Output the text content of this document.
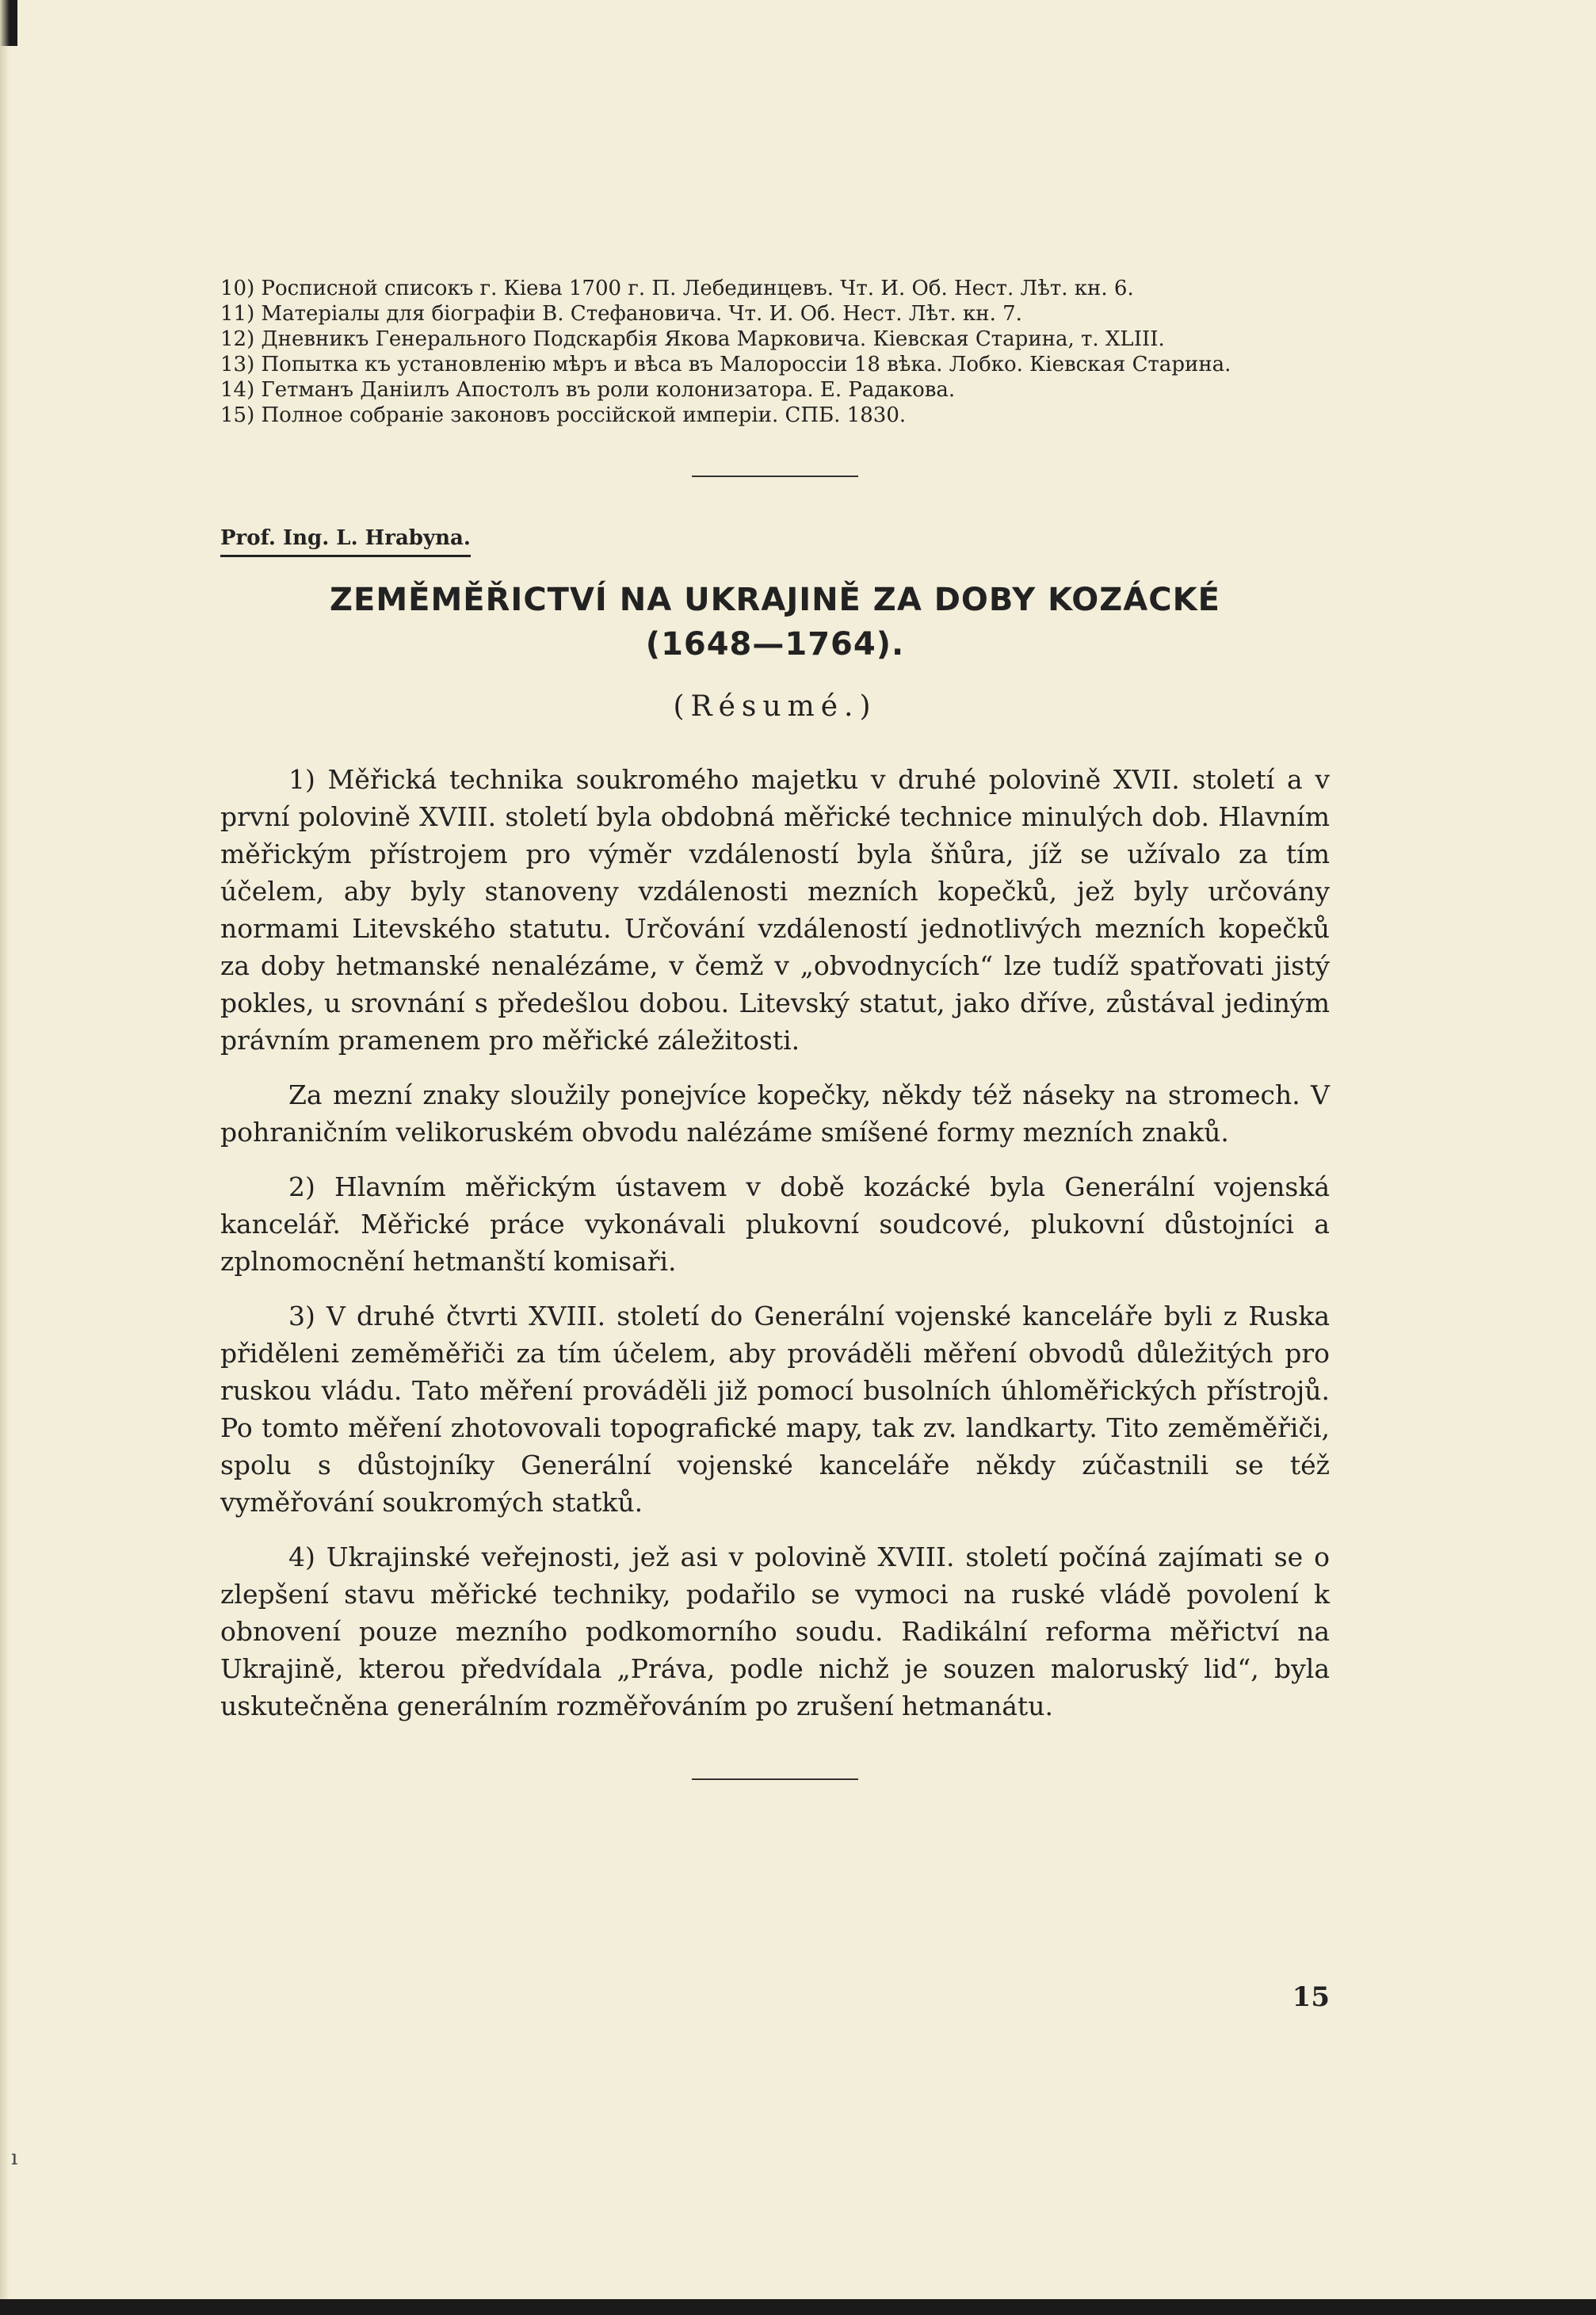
10) Росписной списокъ г. Кіева 1700 г. П. Лебединцевъ. Чт. И. Об. Нест. Лѣт. кн. 6.
11) Матеріалы для біографіи В. Стефановича. Чт. И. Об. Нест. Лѣт. кн. 7.
12) Дневникъ Генерального Подскарбія Якова Марковича. Кіевская Старина, т. XLIII.
13) Попытка къ установленію мѣръ и вѣса въ Малороссіи 18 вѣка. Лобко. Кіевская Старина.
14) Гетманъ Даніилъ Апостолъ въ роли колонизатора. Е. Радакова.
15) Полное собраніе законовъ россійской имперіи. СПБ. 1830.
Prof. Ing. L. Hrabyna.
ZEMĚMĚŘICTVÍ NA UKRAJINĚ ZA DOBY KOZÁCKÉ
(1648—1764).
(Résumé.)

1) Měřická technika soukromého majetku v druhé polovině XVII. století a v první polovině XVIII. století byla obdobná měřické technice minulých dob. Hlavním měřickým přístrojem pro výměr vzdáleností byla šňůra, jíž se užívalo za tím účelem, aby byly stanoveny vzdálenosti mezních kopečků, jež byly určovány normami Litevského statutu. Určování vzdáleností jednotlivých mezních kopečků za doby hetmanské nenalézáme, v čemž v „obvodnycích“ lze tudíž spatřovati jistý pokles, u srovnání s předešlou dobou. Litevský statut, jako dříve, zůstával jediným právním pramenem pro měřické záležitosti.

Za mezní znaky sloužily ponejvíce kopečky, někdy též náseky na stromech. V pohraničním velikoruském obvodu nalézáme smíšené formy mezních znaků.

2) Hlavním měřickým ústavem v době kozácké byla Generální vojenská kancelář. Měřické práce vykonávali plukovní soudcové, plukovní důstojníci a zplnomocnění hetmanští komisaři.

3) V druhé čtvrti XVIII. století do Generální vojenské kanceláře byli z Ruska přiděleni zeměměřiči za tím účelem, aby prováděli měření obvodů důležitých pro ruskou vládu. Tato měření prováděli již pomocí busolních úhloměřických přístrojů. Po tomto měření zhotovovali topografické mapy, tak zv. landkarty. Tito zeměměřiči, spolu s důstojníky Generální vojenské kanceláře někdy zúčastnili se též vyměřování soukromých statků.

4) Ukrajinské veřejnosti, jež asi v polovině XVIII. století počíná zajímati se o zlepšení stavu měřické techniky, podařilo se vymoci na ruské vládě povolení k obnovení pouze mezního podkomorního soudu. Radikální reforma měřictví na Ukrajině, kterou předvídala „Práva, podle nichž je souzen maloruský lid“, byla uskutečněna generálním rozměřováním po zrušení hetmanátu.

15
ı
